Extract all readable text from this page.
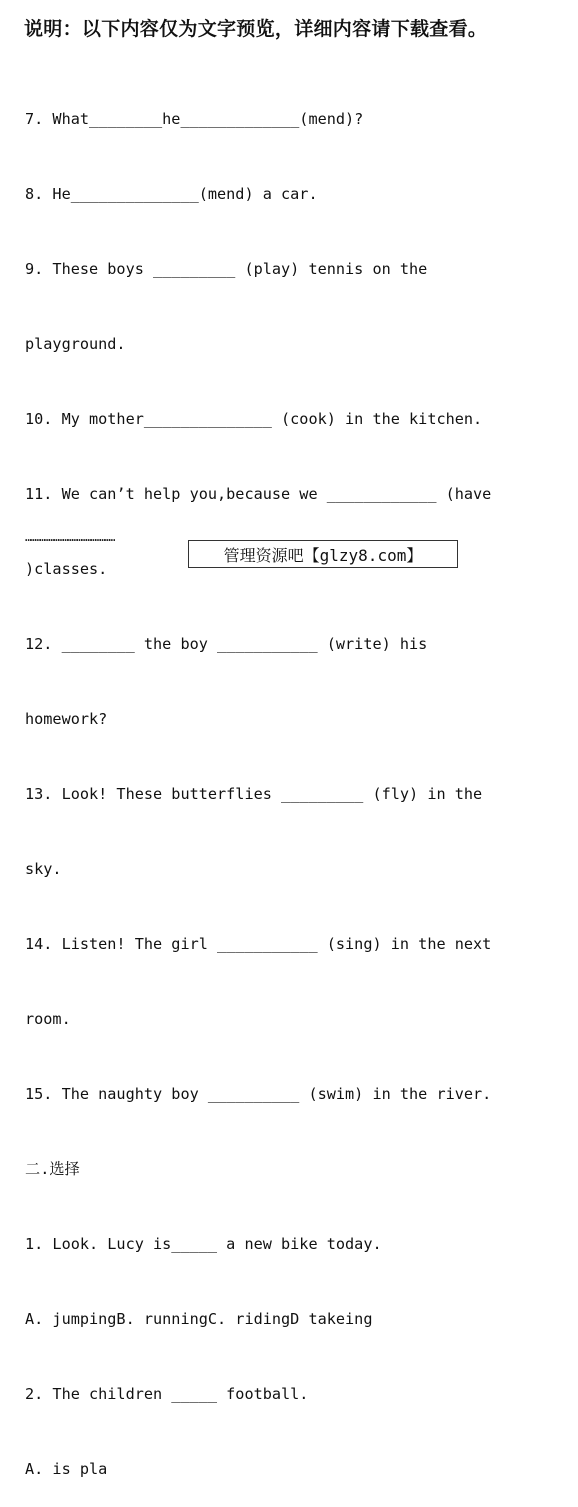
说明：以下内容仅为文字预览，详细内容请下载查看。

7. What________he_____________(mend)?

8. He______________(mend) a car.

9. These boys _________ (play) tennis on the

playground.

10. My mother______________ (cook) in the kitchen.

11. We can’t help you,because we ____________ (have

)classes.

12. ________ the boy ___________ (write) his

homework?

13. Look! These butterflies _________ (fly) in the

sky.

14. Listen! The girl ___________ (sing) in the next

room.

15. The naughty boy __________ (swim) in the river.

二.选择

1. Look. Lucy is_____ a new bike today.

A. jumpingB. runningC. ridingD takeing

2. The children _____ football.

A. is pla

…………………………………………………
管理资源吧【glzy8.com】
